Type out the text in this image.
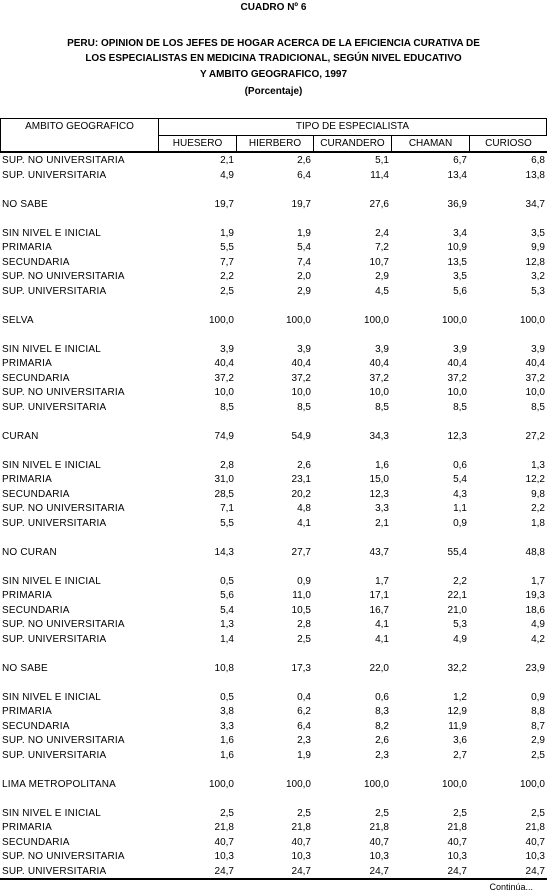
CUADRO Nº 6
PERU: OPINION DE LOS JEFES DE HOGAR ACERCA DE LA EFICIENCIA CURATIVA DE
LOS ESPECIALISTAS EN MEDICINA TRADICIONAL, SEGÚN NIVEL EDUCATIVO
Y AMBITO GEOGRAFICO, 1997
(Porcentaje)
AMBITO GEOGRAFICO	TIPO DE ESPECIALISTA
HUESERO	HIERBERO	CURANDERO	CHAMAN	CURIOSO
SUP. NO UNIVERSITARIA	2,1	2,6	5,1	6,7	6,8
SUP. UNIVERSITARIA	4,9	6,4	11,4	13,4	13,8
NO SABE	19,7	19,7	27,6	36,9	34,7
SIN NIVEL E INICIAL	1,9	1,9	2,4	3,4	3,5
PRIMARIA	5,5	5,4	7,2	10,9	9,9
SECUNDARIA	7,7	7,4	10,7	13,5	12,8
SUP. NO UNIVERSITARIA	2,2	2,0	2,9	3,5	3,2
SUP. UNIVERSITARIA	2,5	2,9	4,5	5,6	5,3
SELVA	100,0	100,0	100,0	100,0	100,0
SIN NIVEL E INICIAL	3,9	3,9	3,9	3,9	3,9
PRIMARIA	40,4	40,4	40,4	40,4	40,4
SECUNDARIA	37,2	37,2	37,2	37,2	37,2
SUP. NO UNIVERSITARIA	10,0	10,0	10,0	10,0	10,0
SUP. UNIVERSITARIA	8,5	8,5	8,5	8,5	8,5
CURAN	74,9	54,9	34,3	12,3	27,2
SIN NIVEL E INICIAL	2,8	2,6	1,6	0,6	1,3
PRIMARIA	31,0	23,1	15,0	5,4	12,2
SECUNDARIA	28,5	20,2	12,3	4,3	9,8
SUP. NO UNIVERSITARIA	7,1	4,8	3,3	1,1	2,2
SUP. UNIVERSITARIA	5,5	4,1	2,1	0,9	1,8
NO CURAN	14,3	27,7	43,7	55,4	48,8
SIN NIVEL E INICIAL	0,5	0,9	1,7	2,2	1,7
PRIMARIA	5,6	11,0	17,1	22,1	19,3
SECUNDARIA	5,4	10,5	16,7	21,0	18,6
SUP. NO UNIVERSITARIA	1,3	2,8	4,1	5,3	4,9
SUP. UNIVERSITARIA	1,4	2,5	4,1	4,9	4,2
NO SABE	10,8	17,3	22,0	32,2	23,9
SIN NIVEL E INICIAL	0,5	0,4	0,6	1,2	0,9
PRIMARIA	3,8	6,2	8,3	12,9	8,8
SECUNDARIA	3,3	6,4	8,2	11,9	8,7
SUP. NO UNIVERSITARIA	1,6	2,3	2,6	3,6	2,9
SUP. UNIVERSITARIA	1,6	1,9	2,3	2,7	2,5
LIMA METROPOLITANA	100,0	100,0	100,0	100,0	100,0
SIN NIVEL E INICIAL	2,5	2,5	2,5	2,5	2,5
PRIMARIA	21,8	21,8	21,8	21,8	21,8
SECUNDARIA	40,7	40,7	40,7	40,7	40,7
SUP. NO UNIVERSITARIA	10,3	10,3	10,3	10,3	10,3
SUP. UNIVERSITARIA	24,7	24,7	24,7	24,7	24,7
Continúa...
